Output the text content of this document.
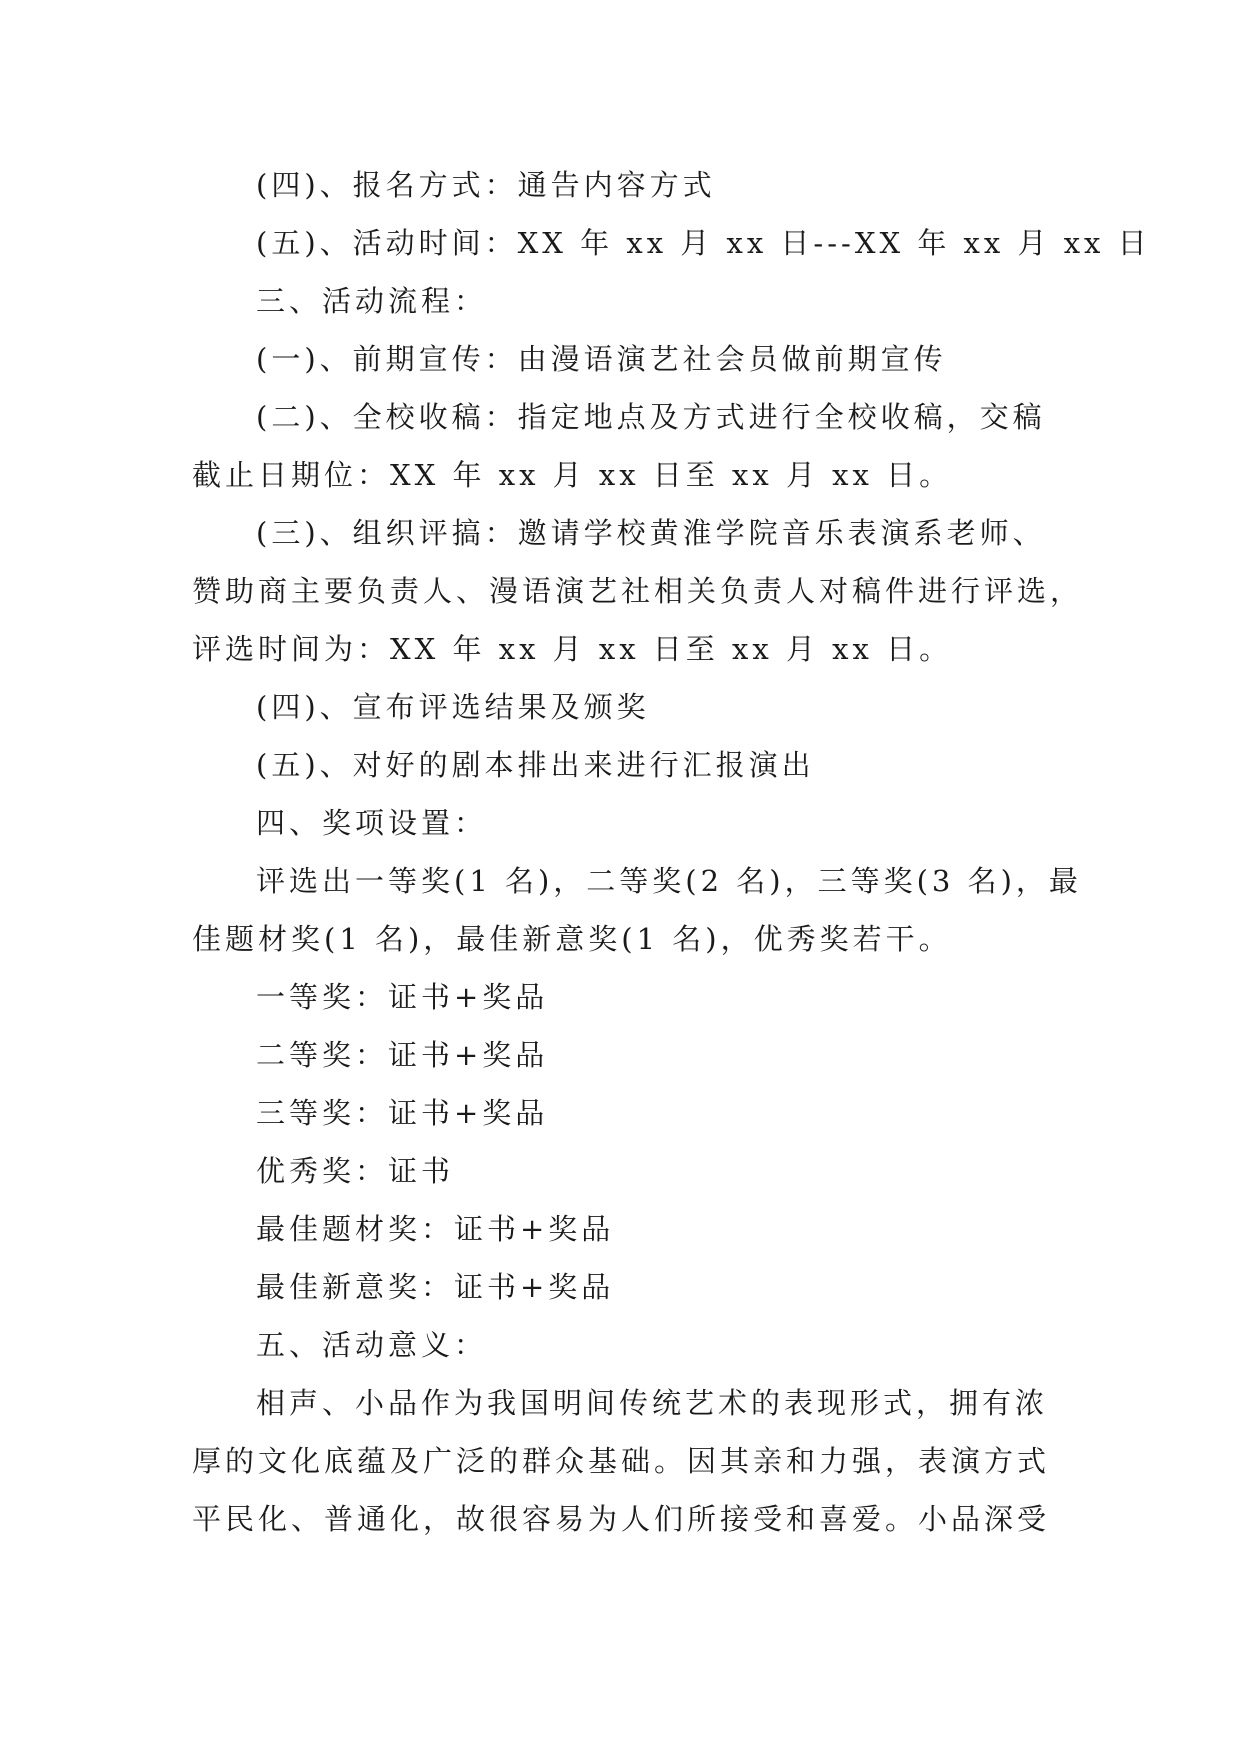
(四)、报名方式：通告内容方式
(五)、活动时间：XX 年 xx 月 xx 日---XX 年 xx 月 xx 日
三、活动流程：
(一)、前期宣传：由漫语演艺社会员做前期宣传
(二)、全校收稿：指定地点及方式进行全校收稿，交稿
截止日期位：XX 年 xx 月 xx 日至 xx 月 xx 日。
(三)、组织评搞：邀请学校黄淮学院音乐表演系老师、
赞助商主要负责人、漫语演艺社相关负责人对稿件进行评选，
评选时间为：XX 年 xx 月 xx 日至 xx 月 xx 日。
(四)、宣布评选结果及颁奖
(五)、对好的剧本排出来进行汇报演出
四、奖项设置：
评选出一等奖(1 名)，二等奖(2 名)，三等奖(3 名)，最
佳题材奖(1 名)，最佳新意奖(1 名)，优秀奖若干。
一等奖：证书+奖品
二等奖：证书+奖品
三等奖：证书+奖品
优秀奖：证书
最佳题材奖：证书+奖品
最佳新意奖：证书+奖品
五、活动意义：
相声、小品作为我国明间传统艺术的表现形式，拥有浓
厚的文化底蕴及广泛的群众基础。因其亲和力强，表演方式
平民化、普通化，故很容易为人们所接受和喜爱。小品深受
